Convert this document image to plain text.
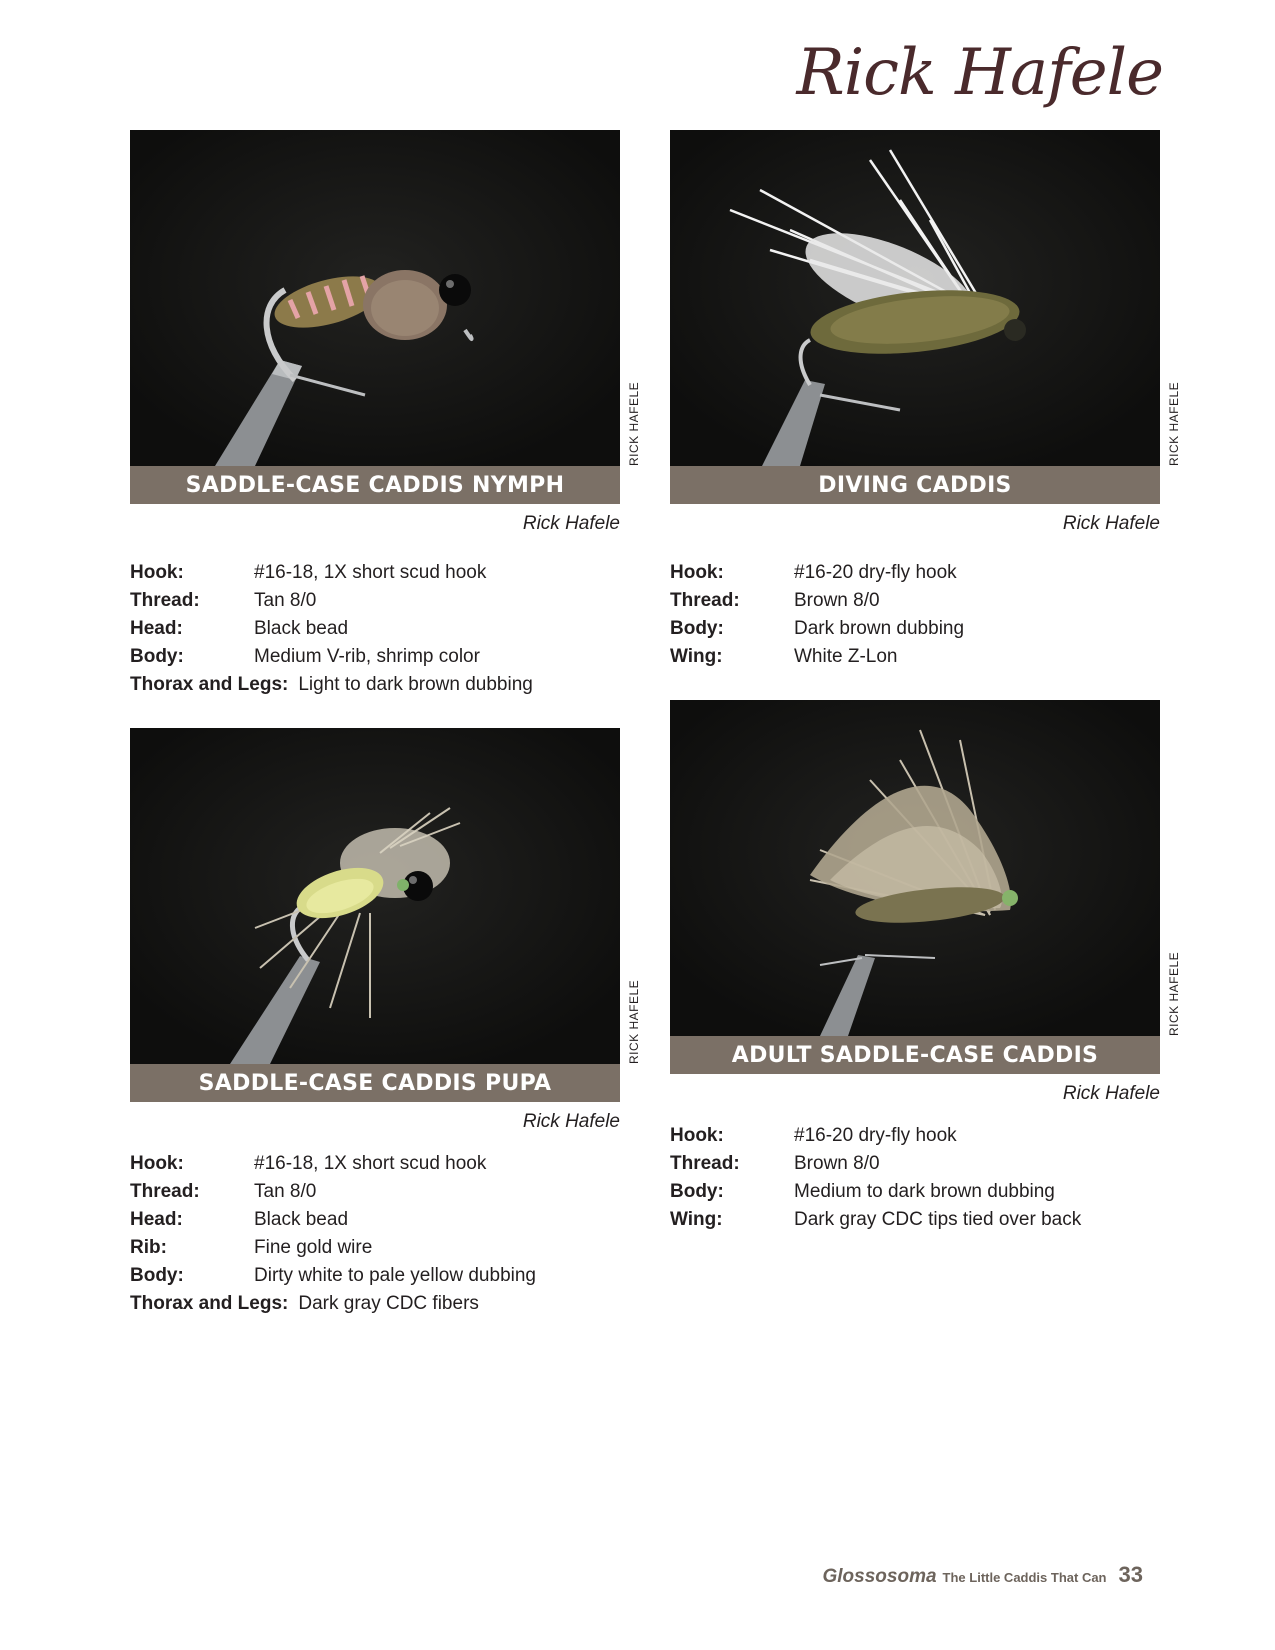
Rick Hafele
SADDLE-CASE CADDIS NYMPH
RICK HAFELE
Rick Hafele
Hook:	#16-18, 1X short scud hook
Thread:	Tan 8/0
Head:	Black bead
Body:	Medium V-rib, shrimp color
Thorax and Legs: Light to dark brown dubbing
DIVING CADDIS
RICK HAFELE
Rick Hafele
Hook:	#16-20 dry-fly hook
Thread:	Brown 8/0
Body:	Dark brown dubbing
Wing:	White Z-Lon
SADDLE-CASE CADDIS PUPA
RICK HAFELE
Rick Hafele
Hook:	#16-18, 1X short scud hook
Thread:	Tan 8/0
Head:	Black bead
Rib:	Fine gold wire
Body:	Dirty white to pale yellow dubbing
Thorax and Legs: Dark gray CDC fibers
ADULT SADDLE-CASE CADDIS
RICK HAFELE
Rick Hafele
Hook:	#16-20 dry-fly hook
Thread:	Brown 8/0
Body:	Medium to dark brown dubbing
Wing:	Dark gray CDC tips tied over back
Glossosoma The Little Caddis That Can 33
